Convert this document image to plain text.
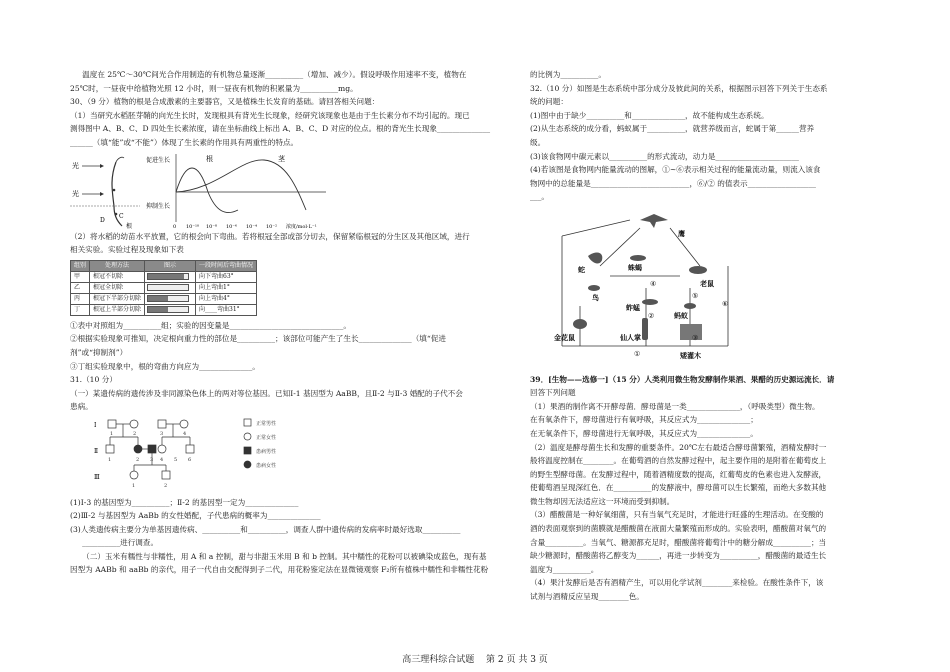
温度在 25℃～30℃间光合作用制造的有机物总量逐渐__________（增加、减少）。假设呼吸作用速率不变，植物在

25℃时，一昼夜中给植物光照 12 小时，则一昼夜有机物的积累量为__________mg。

30、（9 分）植物的根是合成激素的主要器官，又是植株生长发育的基础。请回答相关问题：

（1）当研究水稻胚芽鞘的向光生长时，发现根具有背光生长现象，经研究该现象也是由于生长素分布不均引起的。现已

测得图中 A、B、C、D 四处生长素浓度，请在坐标曲线上标出 A、B、C、D 对应的位点。根的背光生长现象______________

______（填“能”或“不能”）体现了生长素的作用具有两重性的特点。

光
光
D
C
根
促进生长
抑制生长
根	茎
0 10⁻¹⁰ 10⁻⁸ 10⁻⁶ 10⁻⁴ 10⁻² 浓度/mol·L⁻¹

（2）将水稻的幼苗水平放置，它的根会向下弯曲。若将根冠全部或部分切去，保留紧临根冠的分生区及其他区域，进行

相关实验。实验过程及现象如下表

组别	处理方法	图示	一段时间后弯曲情况
甲	根冠不切除		向下弯曲63°
乙	根冠全切除		向上弯曲1°
丙	根冠下半部分切除		向上弯曲4°
丁	根冠上半部分切除		向____弯曲31°

①表中对照组为__________组；实验的因变量是______________________________。

②根据实验现象可推知，决定根向重力性的部位是__________；该部位可能产生了生长______________（填“促进

剂”或“抑制剂”）

③丁组实验现象中，根的弯曲方向应为______________。

31.（10 分）

（一）某遗传病的遗传涉及非同源染色体上的两对等位基因。已知Ⅰ-1 基因型为 AaBB，且Ⅱ-2 与Ⅱ-3 婚配的子代不会

患病。

Ⅰ
Ⅱ
Ⅲ
1	2	3	4
1	2 3 4 5 6
1	2
正常男性
正常女性
患病男性
患病女性

(1)Ⅰ-3 的基因型为__________；Ⅱ-2 的基因型一定为______________

(2)Ⅲ-2 与基因型为 AaBb 的女性婚配，子代患病的概率为______________

(3)人类遗传病主要分为单基因遗传病、__________和__________，调查人群中遗传病的发病率时最好选取__________

__________进行调查。

（二）玉米有糯性与非糯性，用 A 和 a 控制，甜与非甜玉米用 B 和 b 控制。其中糯性的花粉可以被碘染成蓝色，现有基

因型为 AABb 和 aaBb 的亲代，用子一代自由交配得到子二代，用花粉鉴定法在显微镜观察 F₂所有植株中糯性和非糯性花粉

的比例为__________。

32.（10 分）如图是生态系统中部分成分及彼此间的关系，根据图示回答下列关于生态系

统的问题：

(1)图中由于缺少__________和______________，故不能构成生态系统。

(2)从生态系统的成分看，蚂蚁属于__________，就营养级而言，蛇属于第______营养

级。

(3)该食物网中碳元素以__________的形式流动，动力是______________________

(4)若该图是食物网内能量流动的图解，①~⑥表示相关过程的能量流动量，则流入该食

物网中的总能量是__________________________，⑥/② 的值表示__________________

___。

鹰
蛇	蛛蝎
鸟
老鼠
蚱蜢
蚂蚁
金花鼠	仙人掌
矮灌木
①
②
③
④
⑤
⑥

39．[生物——选修一]（15 分）人类利用微生物发酵制作果酒、果醋的历史源远流长．请

回答下列问题

（1）果酒的制作离不开酵母菌．酵母菌是一类______________，（呼吸类型）微生物。

在有氧条件下，酵母菌进行有氧呼吸，其反应式为______________；

在无氧条件下，酵母菌进行无氧呼吸，其反应式为______________。

（2）温度是酵母菌生长和发酵的重要条件。20℃左右最适合酵母菌繁殖，酒精发酵时一

般将温度控制在________。在葡萄酒的自然发酵过程中，起主要作用的是附着在葡萄皮上

的野生型酵母菌。在发酵过程中，随着酒精度数的提高，红葡萄皮的色素也进入发酵液，

使葡萄酒呈现深红色．在__________的发酵液中，酵母菌可以生长繁殖，而绝大多数其他

微生物却因无法适应这一环境而受到抑制。

（3）醋酸菌是一种好氧细菌，只有当氧气充足时，才能进行旺盛的生理活动。在变酸的

酒的表面观察到的菌膜就是醋酸菌在液面大量繁殖而形成的。实验表明，醋酸菌对氧气的

含量__________。当氧气、糖源都充足时，醋酸菌将葡萄汁中的糖分解成__________；当

缺少糖源时，醋酸菌将乙醇变为______，再进一步转变为__________，醋酸菌的最适生长

温度为__________。

（4）果汁发酵后是否有酒精产生，可以用化学试剂________来检验。在酸性条件下，该

试剂与酒精反应呈现________色。

高三理科综合试题　 第 2 页 共 3 页
